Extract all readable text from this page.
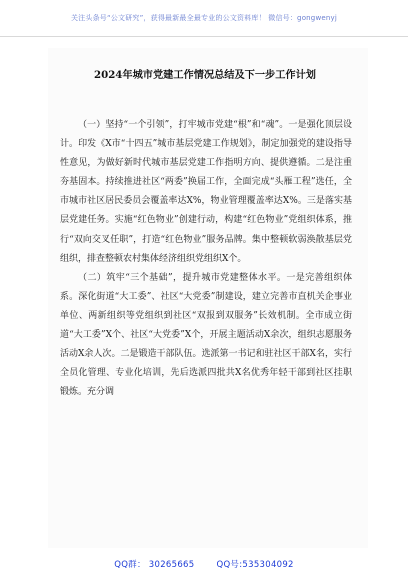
关注头条号“公文研究”，获得最新最全最专业的公文资料库！ 微信号：gongwenyj
2024年城市党建工作情况总结及下一步工作计划

（一）坚持“一个引领”，打牢城市党建“根”和“魂”。一是强化顶层设计。印发《X市“十四五”城市基层党建工作规划》，制定加强党的建设指导性意见，为做好新时代城市基层党建工作指明方向、提供遵循。二是注重夯基固本。持续推进社区“两委”换届工作，全面完成“头雁工程”选任，全市城市社区居民委员会覆盖率达X%，物业管理覆盖率达X%。三是落实基层党建任务。实施“红色物业”创建行动，构建“红色物业”党组织体系，推行“双向交叉任职”，打造“红色物业”服务品牌。集中整顿软弱涣散基层党组织，排查整顿农村集体经济组织党组织X个。

（二）筑牢“三个基础”，提升城市党建整体水平。一是完善组织体系。深化街道“大工委”、社区“大党委”制建设，建立完善市直机关企事业单位、两新组织等党组织到社区“双报到双服务”长效机制。全市成立街道“大工委”X个、社区“大党委”X个，开展主题活动X余次，组织志愿服务活动X余人次。二是锻造干部队伍。选派第一书记和驻社区干部X名，实行全员化管理、专业化培训，先后选派四批共X名优秀年轻干部到社区挂职锻炼。充分调

QQ群： 30265665	QQ号:535304092
